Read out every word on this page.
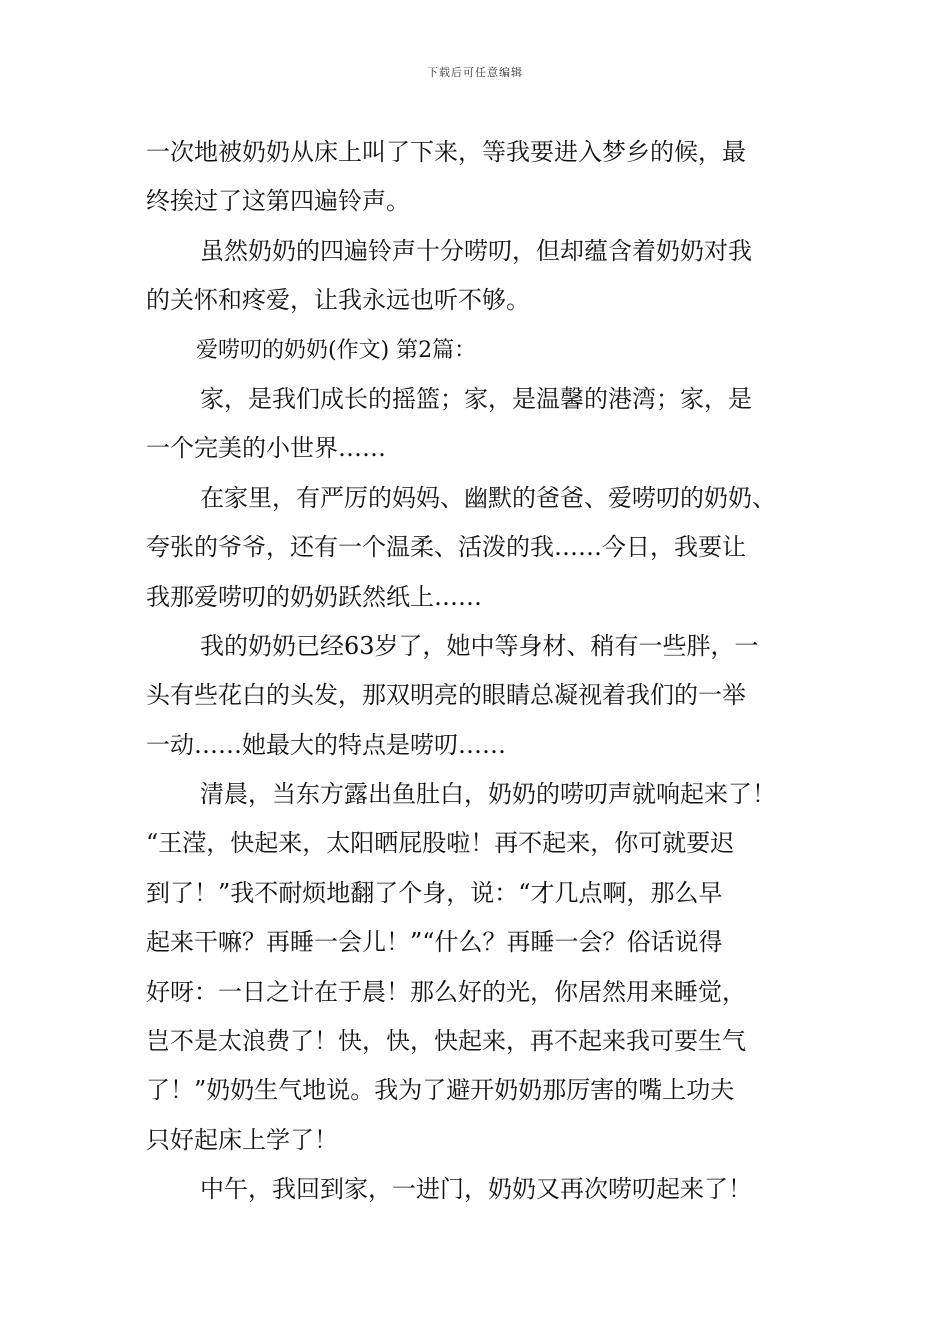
下载后可任意编辑
一次地被奶奶从床上叫了下来，等我要进入梦乡的候，最
终挨过了这第四遍铃声。
虽然奶奶的四遍铃声十分唠叨，但却蕴含着奶奶对我
的关怀和疼爱，让我永远也听不够。
爱唠叨的奶奶(作文) 第2篇：
家，是我们成长的摇篮；家，是温馨的港湾；家，是
一个完美的小世界……
在家里，有严厉的妈妈、幽默的爸爸、爱唠叨的奶奶、
夸张的爷爷，还有一个温柔、活泼的我……今日，我要让
我那爱唠叨的奶奶跃然纸上……
我的奶奶已经63岁了，她中等身材、稍有一些胖，一
头有些花白的头发，那双明亮的眼睛总凝视着我们的一举
一动……她最大的特点是唠叨……
清晨，当东方露出鱼肚白，奶奶的唠叨声就响起来了！
“王滢，快起来，太阳晒屁股啦！再不起来，你可就要迟
到了！”我不耐烦地翻了个身，说：“才几点啊，那么早
起来干嘛？再睡一会儿！”“什么？再睡一会？俗话说得
好呀：一日之计在于晨！那么好的光，你居然用来睡觉，
岂不是太浪费了！快，快，快起来，再不起来我可要生气
了！”奶奶生气地说。我为了避开奶奶那厉害的嘴上功夫
只好起床上学了！
中午，我回到家，一进门，奶奶又再次唠叨起来了！
